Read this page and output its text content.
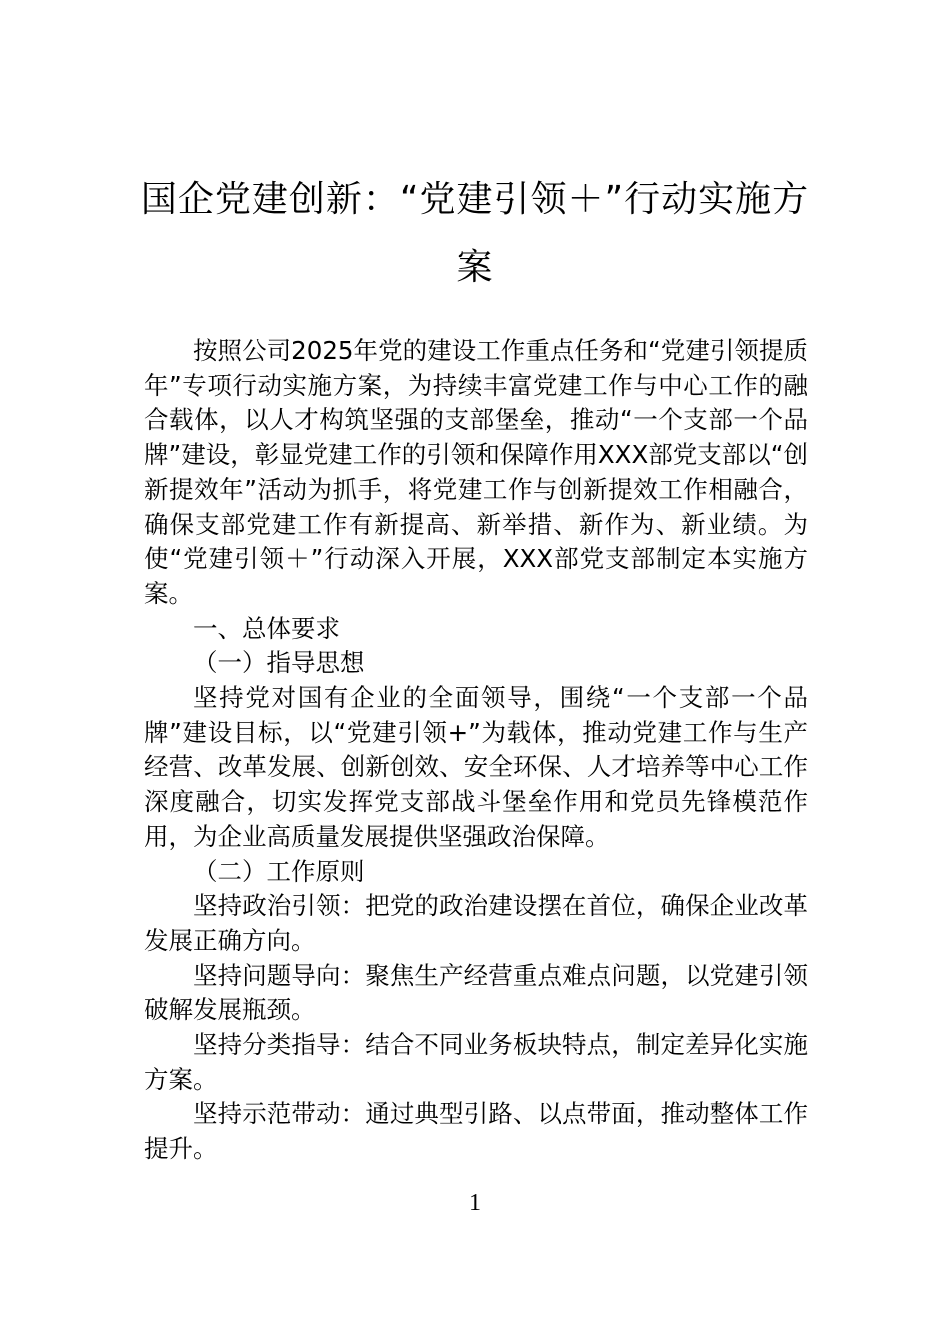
国企党建创新：“党建引领＋”行动实施方案

按照公司2025年党的建设工作重点任务和“党建引领提质年”专项行动实施方案，为持续丰富党建工作与中心工作的融合载体，以人才构筑坚强的支部堡垒，推动“一个支部一个品牌”建设，彰显党建工作的引领和保障作用XXX部党支部以“创新提效年”活动为抓手，将党建工作与创新提效工作相融合，确保支部党建工作有新提高、新举措、新作为、新业绩。为使“党建引领＋”行动深入开展，XXX部党支部制定本实施方案。

一、总体要求

（一）指导思想

坚持党对国有企业的全面领导，围绕“一个支部一个品牌”建设目标，以“党建引领+”为载体，推动党建工作与生产经营、改革发展、创新创效、安全环保、人才培养等中心工作深度融合，切实发挥党支部战斗堡垒作用和党员先锋模范作用，为企业高质量发展提供坚强政治保障。

（二）工作原则

坚持政治引领：把党的政治建设摆在首位，确保企业改革发展正确方向。

坚持问题导向：聚焦生产经营重点难点问题，以党建引领破解发展瓶颈。

坚持分类指导：结合不同业务板块特点，制定差异化实施方案。

坚持示范带动：通过典型引路、以点带面，推动整体工作提升。

1
